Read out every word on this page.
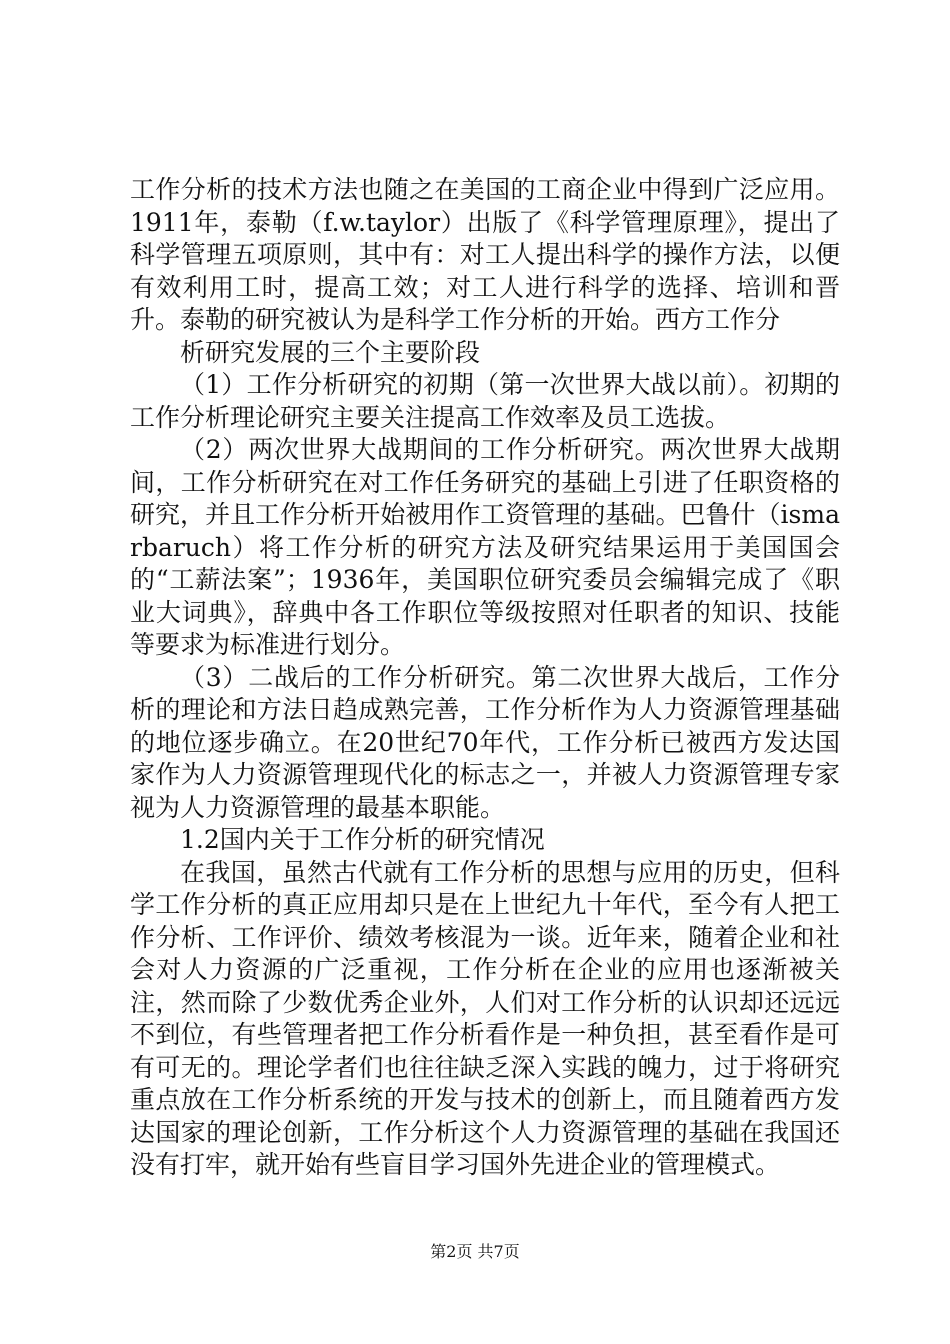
工作分析的技术方法也随之在美国的工商企业中得到广泛应用。1911年，泰勒（f.w.taylor）出版了《科学管理原理》，提出了科学管理五项原则，其中有：对工人提出科学的操作方法，以便有效利用工时，提高工效；对工人进行科学的选择、培训和晋升。泰勒的研究被认为是科学工作分析的开始。西方工作分

析研究发展的三个主要阶段

（1）工作分析研究的初期（第一次世界大战以前）。初期的工作分析理论研究主要关注提高工作效率及员工选拔。

（2）两次世界大战期间的工作分析研究。两次世界大战期间，工作分析研究在对工作任务研究的基础上引进了任职资格的研究，并且工作分析开始被用作工资管理的基础。巴鲁什（ismarbaruch）将工作分析的研究方法及研究结果运用于美国国会的“工薪法案”；1936年，美国职位研究委员会编辑完成了《职业大词典》，辞典中各工作职位等级按照对任职者的知识、技能等要求为标准进行划分。

（3）二战后的工作分析研究。第二次世界大战后，工作分析的理论和方法日趋成熟完善，工作分析作为人力资源管理基础的地位逐步确立。在20世纪70年代，工作分析已被西方发达国家作为人力资源管理现代化的标志之一，并被人力资源管理专家视为人力资源管理的最基本职能。

1.2国内关于工作分析的研究情况

在我国，虽然古代就有工作分析的思想与应用的历史，但科学工作分析的真正应用却只是在上世纪九十年代，至今有人把工作分析、工作评价、绩效考核混为一谈。近年来，随着企业和社会对人力资源的广泛重视，工作分析在企业的应用也逐渐被关注，然而除了少数优秀企业外，人们对工作分析的认识却还远远不到位，有些管理者把工作分析看作是一种负担，甚至看作是可有可无的。理论学者们也往往缺乏深入实践的魄力，过于将研究重点放在工作分析系统的开发与技术的创新上，而且随着西方发达国家的理论创新，工作分析这个人力资源管理的基础在我国还没有打牢，就开始有些盲目学习国外先进企业的管理模式。

第2页 共7页
